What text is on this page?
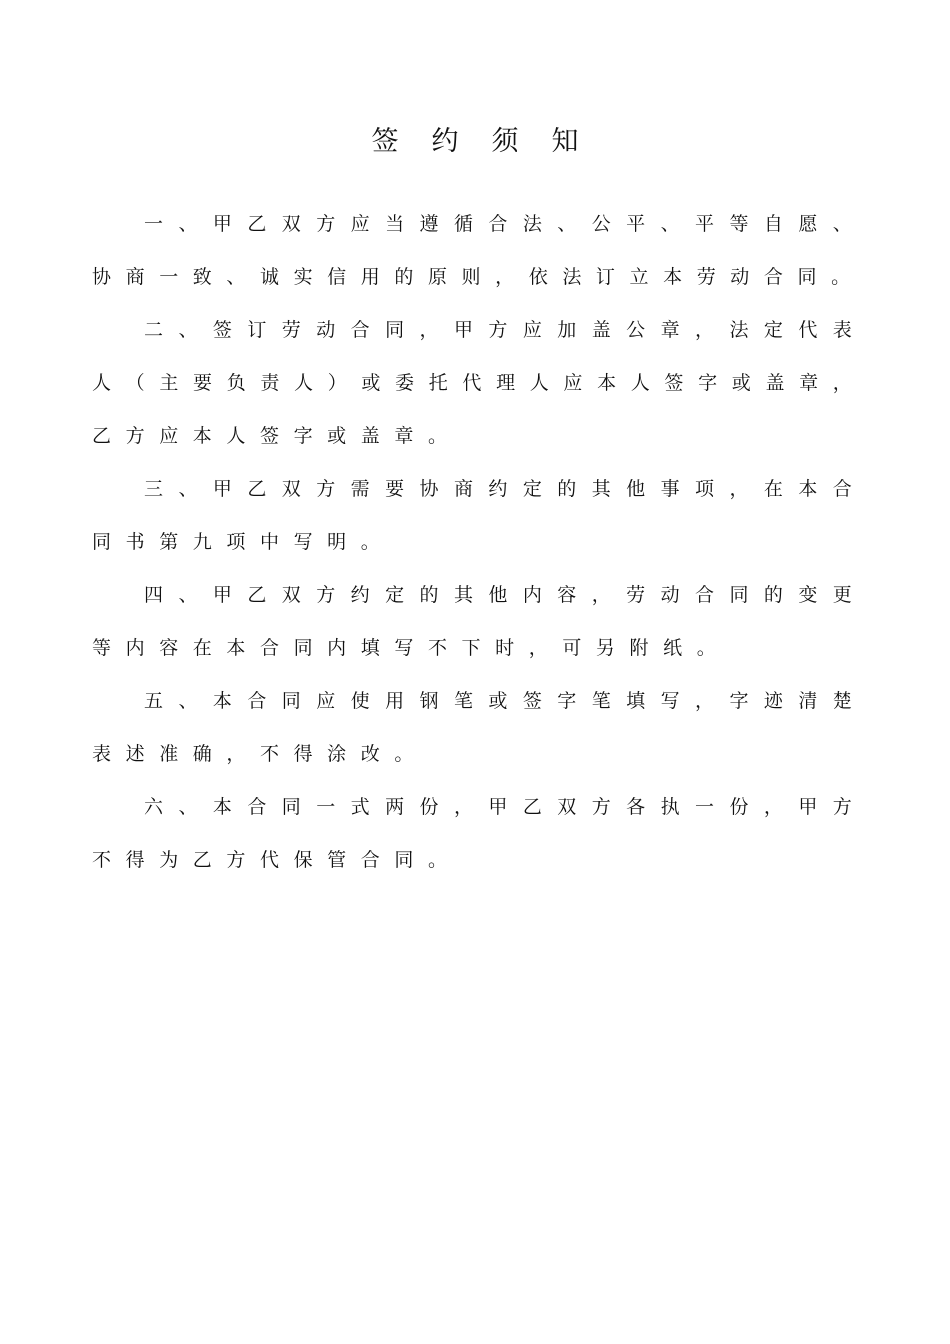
签约须知
一 、 甲 乙 双 方 应 当 遵 循 合 法 、 公 平 、 平 等 自 愿 、
协 商 一 致 、 诚 实 信 用 的 原 则 ， 依 法 订 立 本 劳 动 合 同 。
二 、 签 订 劳 动 合 同 ， 甲 方 应 加 盖 公 章 ， 法 定 代 表
人 （ 主 要 负 责 人 ） 或 委 托 代 理 人 应 本 人 签 字 或 盖 章 ，
乙 方 应 本 人 签 字 或 盖 章 。
三 、 甲 乙 双 方 需 要 协 商 约 定 的 其 他 事 项 ， 在 本 合
同 书 第 九 项 中 写 明 。
四 、 甲 乙 双 方 约 定 的 其 他 内 容 ， 劳 动 合 同 的 变 更
等 内 容 在 本 合 同 内 填 写 不 下 时 ， 可 另 附 纸 。
五 、 本 合 同 应 使 用 钢 笔 或 签 字 笔 填 写 ， 字 迹 清 楚
表 述 准 确 ， 不 得 涂 改 。
六 、 本 合 同 一 式 两 份 ， 甲 乙 双 方 各 执 一 份 ， 甲 方
不 得 为 乙 方 代 保 管 合 同 。
